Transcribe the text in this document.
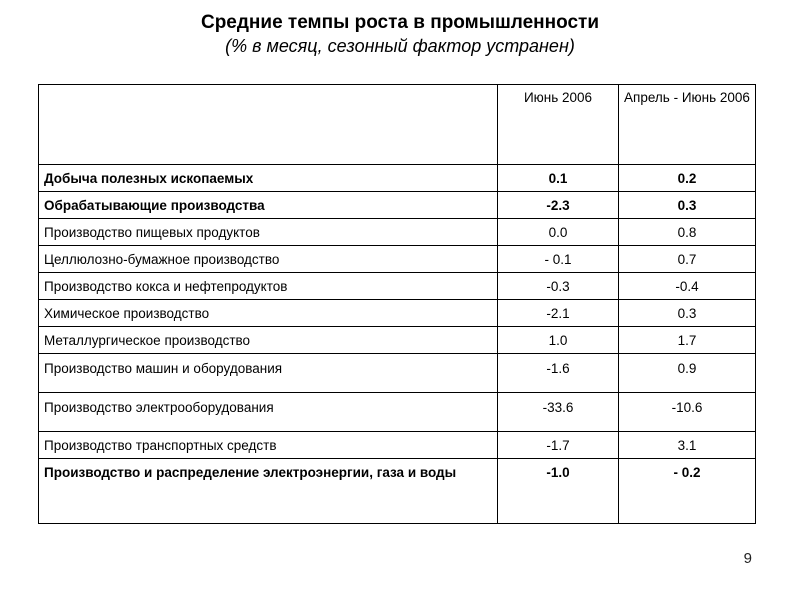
Средние темпы роста в промышленности
(% в месяц, сезонный фактор устранен)
	Июнь 2006	Апрель - Июнь 2006
Добыча полезных ископаемых	0.1	0.2
Обрабатывающие производства	-2.3	0.3
Производство пищевых продуктов	0.0	0.8
Целлюлозно-бумажное производство	- 0.1	0.7
Производство кокса и нефтепродуктов	-0.3	-0.4
Химическое производство	-2.1	0.3
Металлургическое производство	1.0	1.7
Производство машин и оборудования	-1.6	0.9
Производство электрооборудования	-33.6	-10.6
Производство транспортных средств	-1.7	3.1
Производство и распределение электроэнергии, газа и воды	-1.0	- 0.2
9
